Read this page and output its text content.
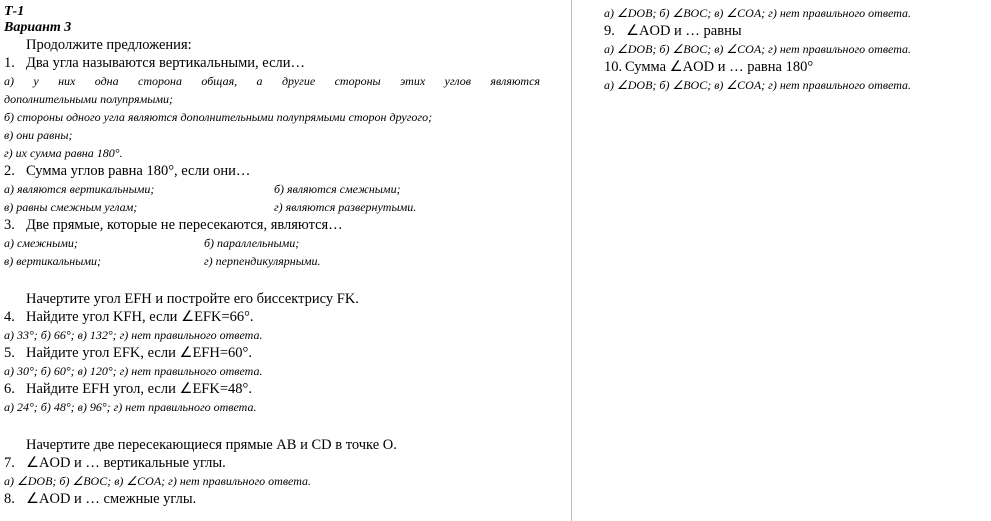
Т-1
Вариант 3
Продолжите предложения:
1. Два угла называются вертикальными, если…
а) у них одна сторона общая, а другие стороны этих углов являются
дополнительными полупрямыми;
б) стороны одного угла являются дополнительными полупрямыми сторон другого;
в) они равны;
г) их сумма равна 180°.
2. Сумма углов равна 180°, если они…
а) являются вертикальными;	б) являются смежными;
в) равны смежным углам;	г) являются развернутыми.
3. Две прямые, которые не пересекаются, являются…
а) смежными;	б) параллельными;
в) вертикальными;	г) перпендикулярными.
Начертите угол EFH и постройте его биссектрису FK.
4. Найдите угол KFH, если ∠EFK=66°.
а) 33°; б) 66°; в) 132°; г) нет правильного ответа.
5. Найдите угол EFK, если ∠EFH=60°.
а) 30°; б) 60°; в) 120°; г) нет правильного ответа.
6. Найдите EFH угол, если ∠EFK=48°.
а) 24°; б) 48°; в) 96°; г) нет правильного ответа.
Начертите две пересекающиеся прямые AB и CD в точке O.
7. ∠AOD и … вертикальные углы.
а) ∠DOB; б) ∠BOC; в) ∠COA; г) нет правильного ответа.
8. ∠AOD и … смежные углы.
а) ∠DOB; б) ∠BOC; в) ∠COA; г) нет правильного ответа.
9. ∠AOD и … равны
а) ∠DOB; б) ∠BOC; в) ∠COA; г) нет правильного ответа.
10. Сумма ∠AOD и … равна 180°
а) ∠DOB; б) ∠BOC; в) ∠COA; г) нет правильного ответа.
